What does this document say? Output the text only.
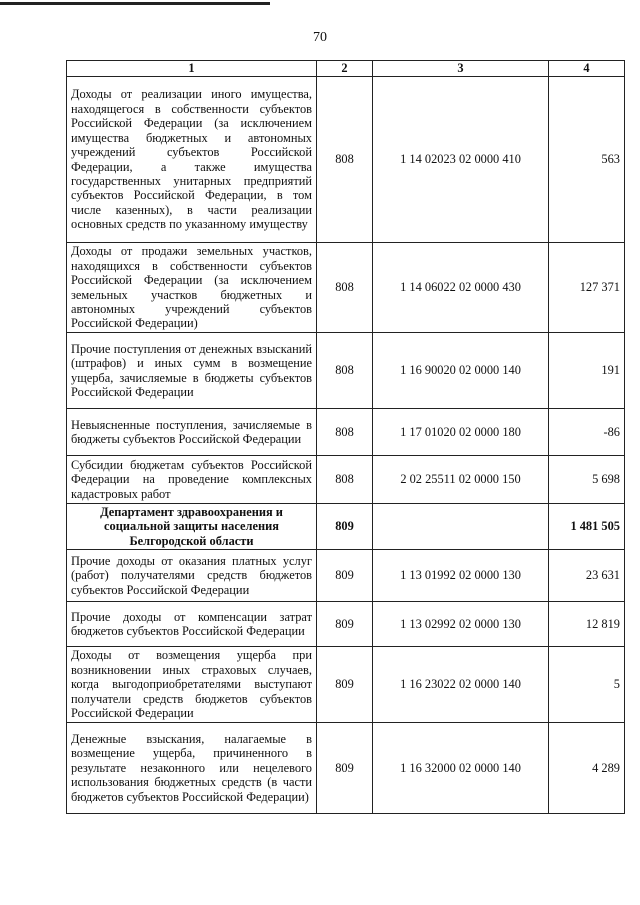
70
1	2	3	4
Доходы от реализации иного имущества, находящегося в собственности субъектов Российской Федерации (за исключением имущества бюджетных и автономных учреждений субъектов Российской Федерации, а также имущества государственных унитарных предприятий субъектов Российской Федерации, в том числе казенных), в части реализации основных средств по указанному имуществу	808	1 14 02023 02 0000 410	563
Доходы от продажи земельных участков, находящихся в собственности субъектов Российской Федерации (за исключением земельных участков бюджетных и автономных учреждений субъектов Российской Федерации)	808	1 14 06022 02 0000 430	127 371
Прочие поступления от денежных взысканий (штрафов) и иных сумм в возмещение ущерба, зачисляемые в бюджеты субъектов Российской Федерации	808	1 16 90020 02 0000 140	191
Невыясненные поступления, зачисляемые в бюджеты субъектов Российской Федерации	808	1 17 01020 02 0000 180	-86
Субсидии бюджетам субъектов Российской Федерации на проведение комплексных кадастровых работ	808	2 02 25511 02 0000 150	5 698
Департамент здравоохранения и социальной защиты населения Белгородской области	809		1 481 505
Прочие доходы от оказания платных услуг (работ) получателями средств бюджетов субъектов Российской Федерации	809	1 13 01992 02 0000 130	23 631
Прочие доходы от компенсации затрат бюджетов субъектов Российской Федерации	809	1 13 02992 02 0000 130	12 819
Доходы от возмещения ущерба при возникновении иных страховых случаев, когда выгодоприобретателями выступают получатели средств бюджетов субъектов Российской Федерации	809	1 16 23022 02 0000 140	5
Денежные взыскания, налагаемые в возмещение ущерба, причиненного в результате незаконного или нецелевого использования бюджетных средств (в части бюджетов субъектов Российской Федерации)	809	1 16 32000 02 0000 140	4 289
